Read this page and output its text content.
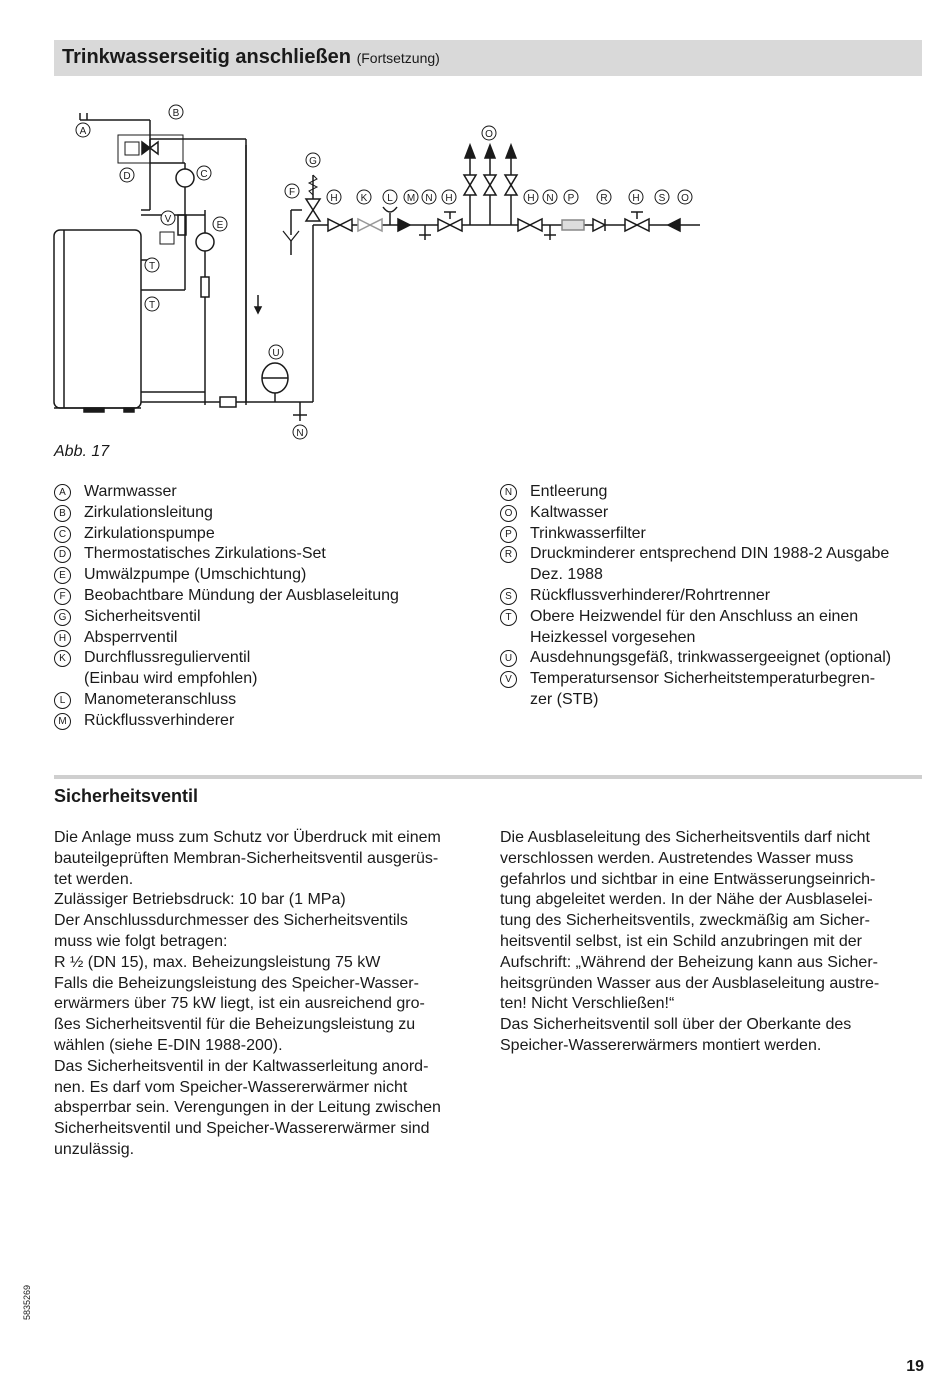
Trinkwasserseitig anschließen (Fortsetzung)
A
B
C
D
V
E
T
T
U
N
F
G
H K L M N H
O
H N P	R H S O
Abb. 17
A	Warmwasser
B	Zirkulationsleitung
C	Zirkulationspumpe
D	Thermostatisches Zirkulations-Set
E	Umwälzpumpe (Umschichtung)
F	Beobachtbare Mündung der Ausblaseleitung
G	Sicherheitsventil
H	Absperrventil
K	Durchflussregulierventil
(Einbau wird empfohlen)
L	Manometeranschluss
M	Rückflussverhinderer
N	Entleerung
O	Kaltwasser
P	Trinkwasserfilter
R	Druckminderer entsprechend DIN 1988-2 Ausgabe
Dez. 1988
S	Rückflussverhinderer/Rohrtrenner
T	Obere Heizwendel für den Anschluss an einen
Heizkessel vorgesehen
U	Ausdehnungsgefäß, trinkwassergeeignet (optional)
V	Temperatursensor Sicherheitstemperaturbegren-
zer (STB)
Sicherheitsventil

Die Anlage muss zum Schutz vor Überdruck mit einem

bauteilgeprüften Membran-Sicherheitsventil ausgerüs-

tet werden.

Zulässiger Betriebsdruck: 10 bar (1 MPa)

Der Anschlussdurchmesser des Sicherheitsventils

muss wie folgt betragen:

R ½ (DN 15), max. Beheizungsleistung 75 kW

Falls die Beheizungsleistung des Speicher-Wasser-

erwärmers über 75 kW liegt, ist ein ausreichend gro-

ßes Sicherheitsventil für die Beheizungsleistung zu

wählen (siehe E-DIN 1988-200).

Das Sicherheitsventil in der Kaltwasserleitung anord-

nen. Es darf vom Speicher-Wassererwärmer nicht

absperrbar sein. Verengungen in der Leitung zwischen

Sicherheitsventil und Speicher-Wassererwärmer sind

unzulässig.

Die Ausblaseleitung des Sicherheitsventils darf nicht

verschlossen werden. Austretendes Wasser muss

gefahrlos und sichtbar in eine Entwässerungseinrich-

tung abgeleitet werden. In der Nähe der Ausblaselei-

tung des Sicherheitsventils, zweckmäßig am Sicher-

heitsventil selbst, ist ein Schild anzubringen mit der

Aufschrift: „Während der Beheizung kann aus Sicher-

heitsgründen Wasser aus der Ausblaseleitung austre-

ten! Nicht Verschließen!“

Das Sicherheitsventil soll über der Oberkante des

Speicher-Wassererwärmers montiert werden.

5835269
19
